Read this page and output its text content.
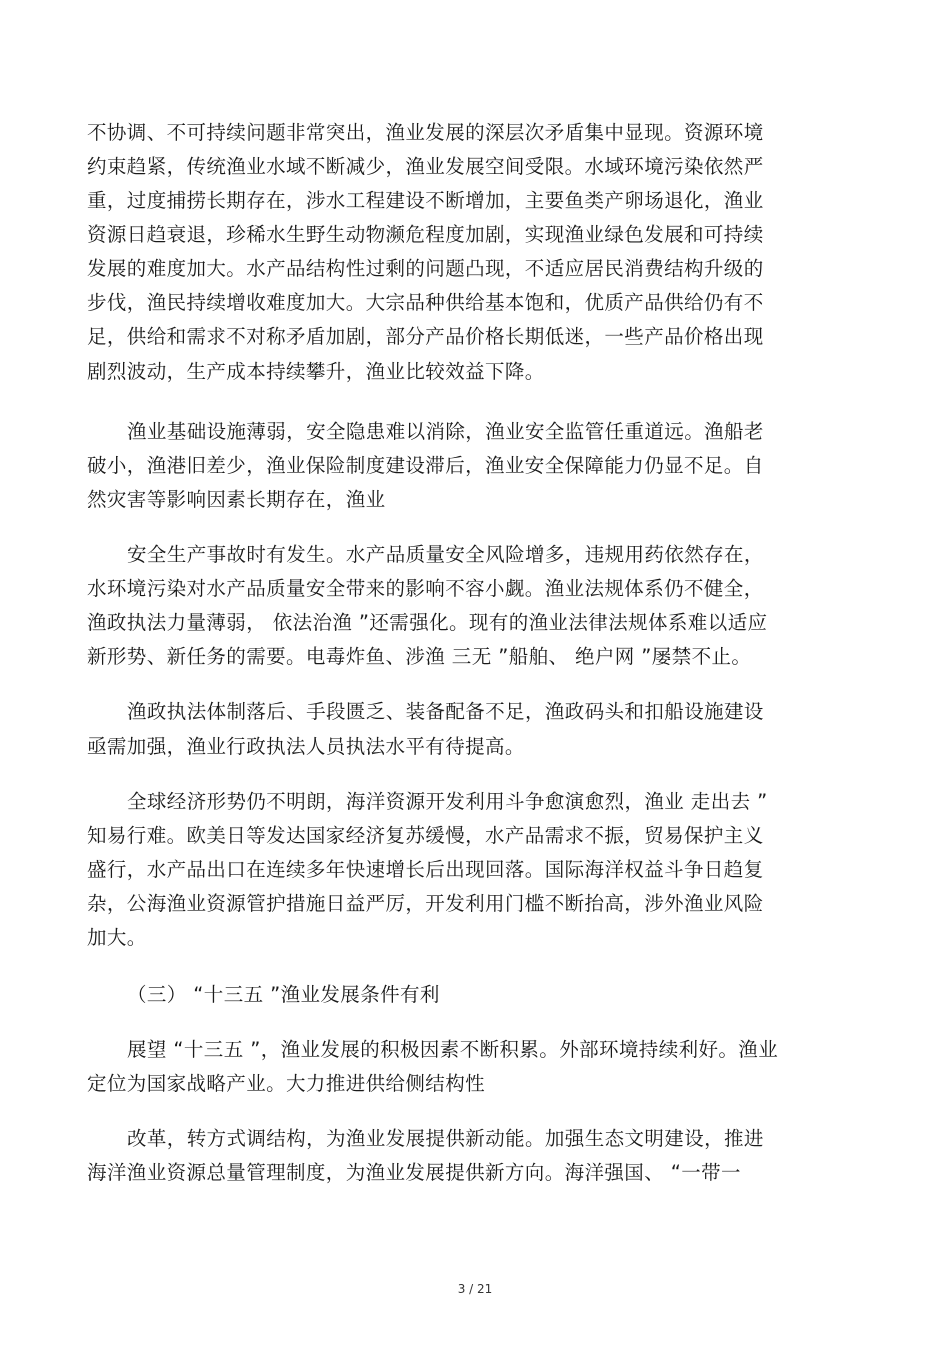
不协调、不可持续问题非常突出，渔业发展的深层次矛盾集中显现。资源环境
约束趋紧，传统渔业水域不断减少，渔业发展空间受限。水域环境污染依然严
重，过度捕捞长期存在，涉水工程建设不断增加，主要鱼类产卵场退化，渔业
资源日趋衰退，珍稀水生野生动物濒危程度加剧，实现渔业绿色发展和可持续
发展的难度加大。水产品结构性过剩的问题凸现，不适应居民消费结构升级的
步伐，渔民持续增收难度加大。大宗品种供给基本饱和，优质产品供给仍有不
足，供给和需求不对称矛盾加剧，部分产品价格长期低迷，一些产品价格出现
剧烈波动，生产成本持续攀升，渔业比较效益下降。
渔业基础设施薄弱，安全隐患难以消除，渔业安全监管任重道远。渔船老
破小，渔港旧差少，渔业保险制度建设滞后，渔业安全保障能力仍显不足。自
然灾害等影响因素长期存在，渔业
安全生产事故时有发生。水产品质量安全风险增多，违规用药依然存在，
水环境污染对水产品质量安全带来的影响不容小觑。渔业法规体系仍不健全，
渔政执法力量薄弱， 依法治渔 ”还需强化。现有的渔业法律法规体系难以适应
新形势、新任务的需要。电毒炸鱼、涉渔 三无 ”船舶、 绝户网 ”屡禁不止。
渔政执法体制落后、手段匮乏、装备配备不足，渔政码头和扣船设施建设
亟需加强，渔业行政执法人员执法水平有待提高。
全球经济形势仍不明朗，海洋资源开发利用斗争愈演愈烈，渔业 走出去 ”
知易行难。欧美日等发达国家经济复苏缓慢，水产品需求不振，贸易保护主义
盛行，水产品出口在连续多年快速增长后出现回落。国际海洋权益斗争日趋复
杂，公海渔业资源管护措施日益严厉，开发利用门槛不断抬高，涉外渔业风险
加大。
（三） “十三五 ”渔业发展条件有利
展望 “十三五 ”，渔业发展的积极因素不断积累。外部环境持续利好。渔业
定位为国家战略产业。大力推进供给侧结构性
改革，转方式调结构，为渔业发展提供新动能。加强生态文明建设，推进
海洋渔业资源总量管理制度，为渔业发展提供新方向。海洋强国、 “一带一
3 / 21
